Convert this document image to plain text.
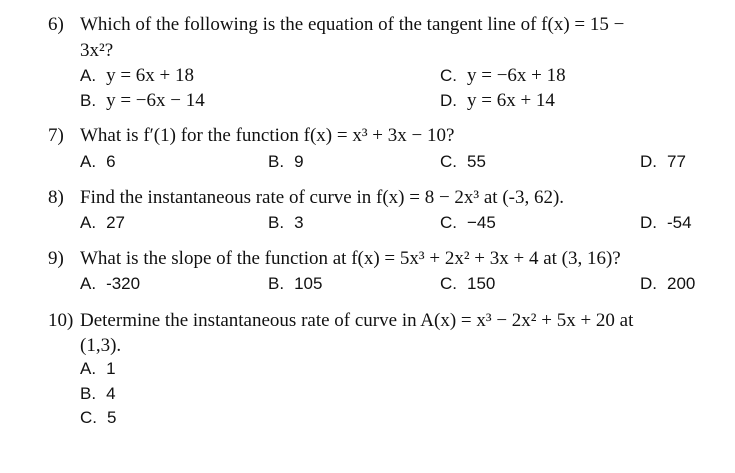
6) Which of the following is the equation of the tangent line of f(x) = 15 −
3x²?
A. y = 6x + 18	C. y = −6x + 18
B. y = −6x − 14	D. y = 6x + 14
7) What is f′(1) for the function f(x) = x³ + 3x − 10?
A. 6	B. 9	C. 55	D. 77
8) Find the instantaneous rate of curve in f(x) = 8 − 2x³ at (-3, 62).
A. 27	B. 3	C. −45	D. -54
9) What is the slope of the function at f(x) = 5x³ + 2x² + 3x + 4 at (3, 16)?
A. -320	B. 105	C. 150	D. 200
10) Determine the instantaneous rate of curve in A(x) = x³ − 2x² + 5x + 20 at
(1,3).
A. 1
B. 4
C. 5
